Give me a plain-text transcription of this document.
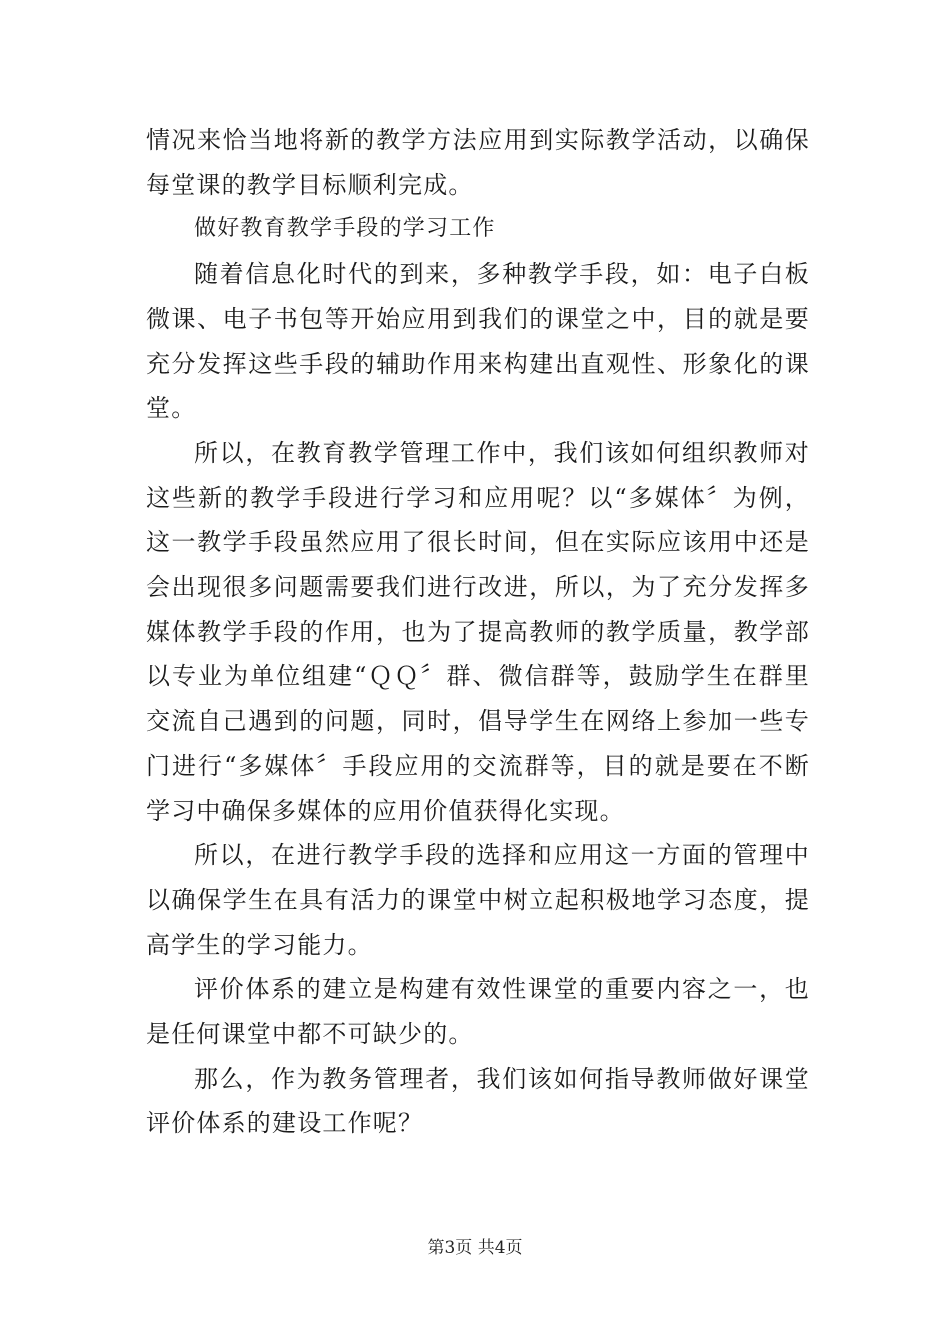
情况来恰当地将新的教学方法应用到实际教学活动，以确保每堂课的教学目标顺利完成。

做好教育教学手段的学习工作

随着信息化时代的到来，多种教学手段，如：电子白板微课、电子书包等开始应用到我们的课堂之中，目的就是要充分发挥这些手段的辅助作用来构建出直观性、形象化的课堂。

所以，在教育教学管理工作中，我们该如何组织教师对这些新的教学手段进行学习和应用呢？以“多媒体〞为例，这一教学手段虽然应用了很长时间，但在实际应该用中还是会出现很多问题需要我们进行改进，所以，为了充分发挥多媒体教学手段的作用，也为了提高教师的教学质量，教学部以专业为单位组建“ＱＱ〞群、微信群等，鼓励学生在群里交流自己遇到的问题，同时，倡导学生在网络上参加一些专门进行“多媒体〞手段应用的交流群等，目的就是要在不断学习中确保多媒体的应用价值获得化实现。

所以，在进行教学手段的选择和应用这一方面的管理中以确保学生在具有活力的课堂中树立起积极地学习态度，提高学生的学习能力。

评价体系的建立是构建有效性课堂的重要内容之一，也是任何课堂中都不可缺少的。

那么，作为教务管理者，我们该如何指导教师做好课堂评价体系的建设工作呢？

第3页 共4页
